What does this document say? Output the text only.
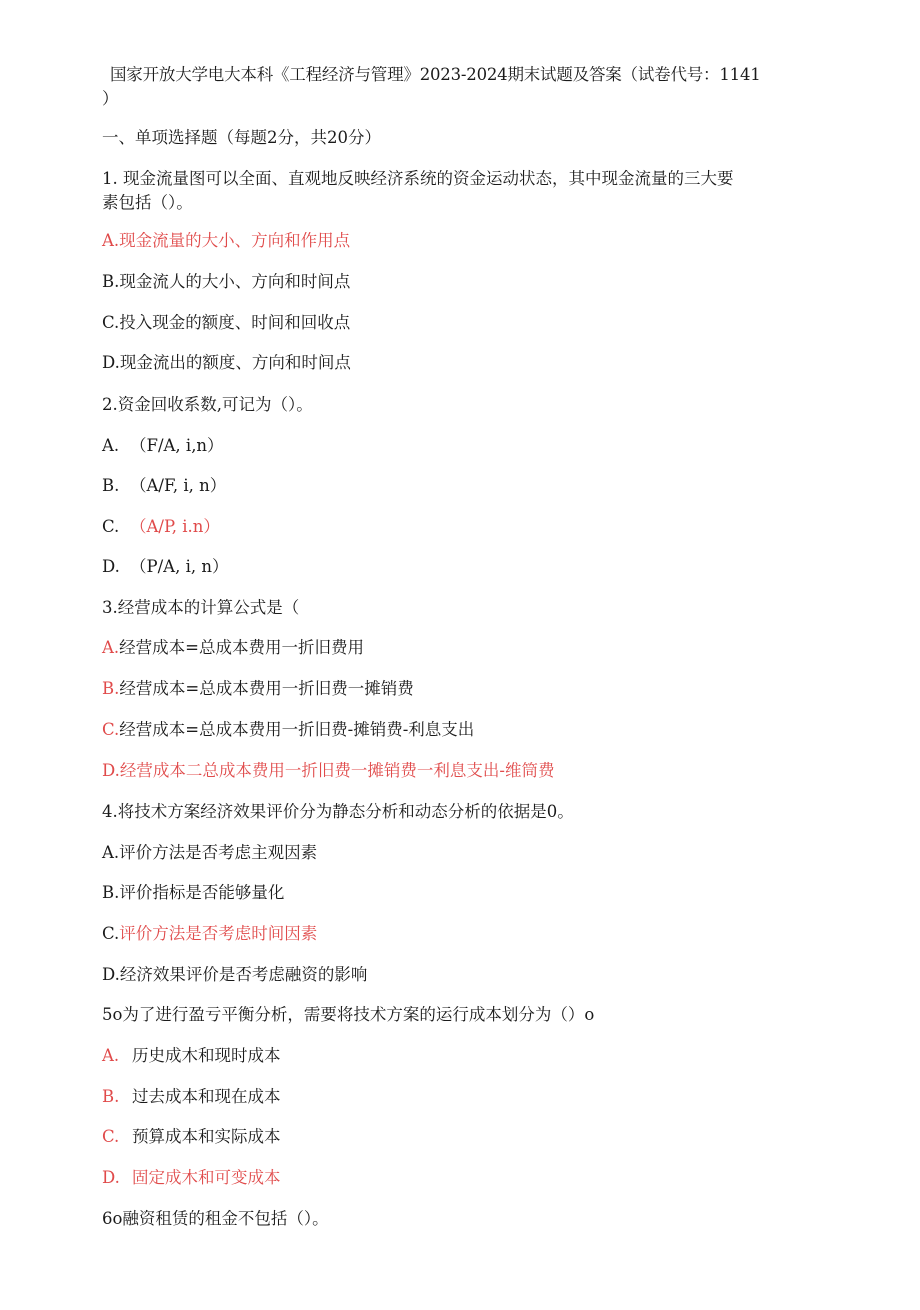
国家开放大学电大本科《工程经济与管理》2023-2024期末试题及答案（试卷代号：1141
）
一、单项选择题（每题2分，共20分）
1. 现金流量图可以全面、直观地反映经济系统的资金运动状态，其中现金流量的三大要
素包括（）。
A.现金流量的大小、方向和作用点
B.现金流人的大小、方向和时间点
C.投入现金的额度、时间和回收点
D.现金流出的额度、方向和时间点
2.资金回收系数,可记为（）。
A. （F/A, i,n）
B. （A/F, i, n）
C. （A/P, i.n）
D. （P/A, i, n）
3.经营成本的计算公式是（
A.经营成本=总成本费用一折旧费用
B.经营成本=总成本费用一折旧费一摊销费
C.经营成本=总成本费用一折旧费-摊销费-利息支出
D.经营成本二总成本费用一折旧费一摊销费一利息支出-维筒费
4.将技术方案经济效果评价分为静态分析和动态分析的依据是0。
A.评价方法是否考虑主观因素
B.评价指标是否能够量化
C.评价方法是否考虑时间因素
D.经济效果评价是否考虑融资的影响
5o为了进行盈亏平衡分析，需要将技术方案的运行成本划分为（）o
A. 历史成木和现时成本
B. 过去成本和现在成本
C. 预算成本和实际成本
D. 固定成木和可变成本
6o融资租赁的租金不包括（）。
